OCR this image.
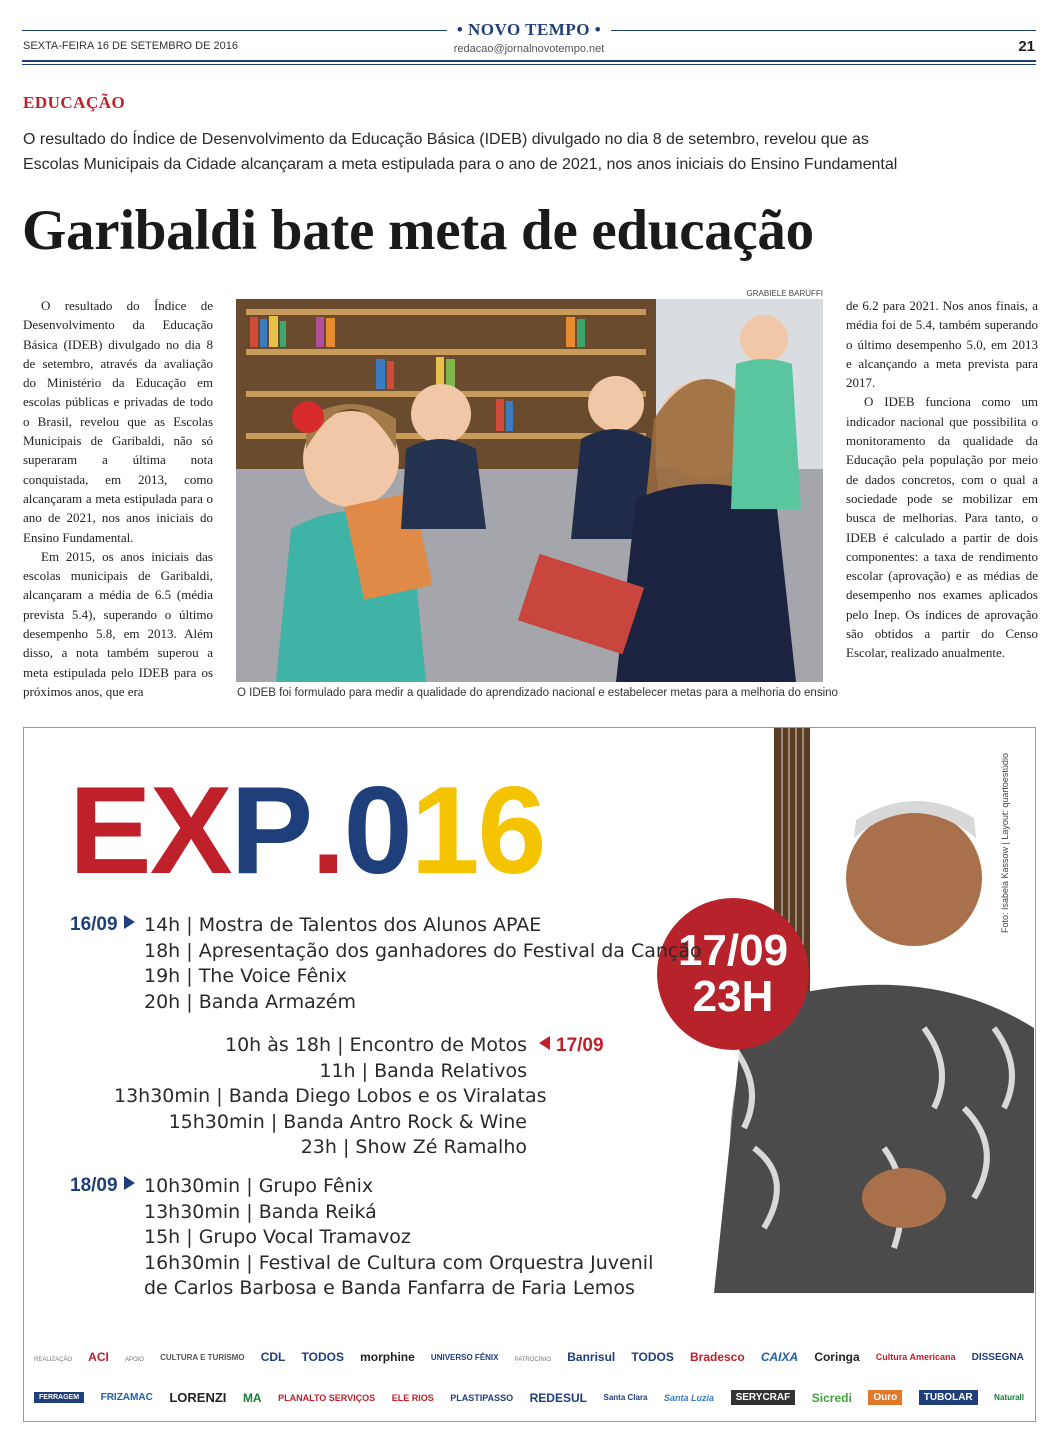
• NOVO TEMPO •
SEXTA-FEIRA 16 DE SETEMBRO DE 2016	redacao@jornalnovotempo.net	21
EDUCAÇÃO
O resultado do Índice de Desenvolvimento da Educação Básica (IDEB) divulgado no dia 8 de setembro, revelou que as
Escolas Municipais da Cidade alcançaram a meta estipulada para o ano de 2021, nos anos iniciais do Ensino Fundamental
Garibaldi bate meta de educação

O resultado do Índice de Desenvolvimento da Educação Básica (IDEB) divulgado no dia 8 de setembro, através da avaliação do Ministério da Educação em escolas públicas e privadas de todo o Brasil, revelou que as Escolas Municipais de Garibaldi, não só superaram a última nota conquistada, em 2013, como alcançaram a meta estipulada para o ano de 2021, nos anos iniciais do Ensino Fundamental.

Em 2015, os anos iniciais das escolas municipais de Garibaldi, alcançaram a média de 6.5 (média prevista 5.4), superando o último desempenho 5.8, em 2013. Além disso, a nota também superou a meta estipulada pelo IDEB para os próximos anos, que era

GRABIELE BARUFFI
O IDEB foi formulado para medir a qualidade do aprendizado nacional e estabelecer metas para a melhoria do ensino

de 6.2 para 2021. Nos anos finais, a média foi de 5.4, também superando o último desempenho 5.0, em 2013 e alcançando a meta prevista para 2017.

O IDEB funciona como um indicador nacional que possibilita o monitoramento da qualidade da Educação pela população por meio de dados concretos, com o qual a sociedade pode se mobilizar em busca de melhorias. Para tanto, o IDEB é calculado a partir de dois componentes: a taxa de rendimento escolar (aprovação) e as médias de desempenho nos exames aplicados pelo Inep. Os índices de aprovação são obtidos a partir do Censo Escolar, realizado anualmente.

EXP.016	Foto: Isabela Kassow | Layout: quartoestúdio
17/09
23H
16/09	14h | Mostra de Talentos dos Alunos APAE
18h | Apresentação dos ganhadores do Festival da Canção
19h | The Voice Fênix
20h | Banda Armazém
10h às 18h | Encontro de Motos
11h | Banda Relativos
13h30min | Banda Diego Lobos e os Viralatas
15h30min | Banda Antro Rock & Wine
23h | Show Zé Ramalho
17/09
18/09	10h30min | Grupo Fênix
13h30min | Banda Reiká
15h | Grupo Vocal Tramavoz
16h30min | Festival de Cultura com Orquestra Juvenil
de Carlos Barbosa e Banda Fanfarra de Faria Lemos
REALIZAÇÃO ACI	APOIO CULTURA E TURISMO CDL TODOS morphine UNIVERSO FÊNIX	PATROCÍNIO Banrisul TODOS Bradesco CAIXA Coringa Cultura Americana DISSEGNA
FERRAGEM	FRIZAMAC LORENZI MA PLANALTO SERVIÇOS ELE RIOS PLASTIPASSO REDESUL Santa Clara Santa Luzia	SERYCRAF	Sicredi	Ouro	TUBOLAR	Naturall
